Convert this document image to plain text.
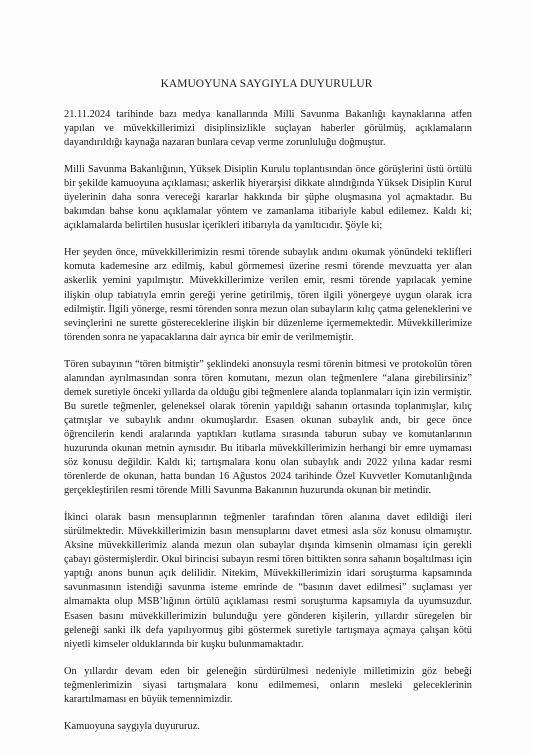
KAMUOYUNA SAYGIYLA DUYURULUR

21.11.2024 tarihinde bazı medya kanallarında Milli Savunma Bakanlığı kaynaklarına atfen yapılan ve müvekkillerimizi disiplinsizlikle suçlayan haberler görülmüş, açıklamaların dayandırıldığı kaynağa nazaran bunlara cevap verme zorunluluğu doğmuştur.

Milli Savunma Bakanlığının, Yüksek Disiplin Kurulu toplantısından önce görüşlerini üstü örtülü bir şekilde kamuoyuna açıklaması; askerlik hiyerarşisi dikkate alındığında Yüksek Disiplin Kurul üyelerinin daha sonra vereceği kararlar hakkında bir şüphe oluşmasına yol açmaktadır. Bu bakımdan bahse konu açıklamalar yöntem ve zamanlama itibariyle kabul edilemez. Kaldı ki; açıklamalarda belirtilen hususlar içerikleri itibarıyla da yanıltıcıdır. Şöyle ki;

Her şeyden önce, müvekkillerimizin resmi törende subaylık andını okumak yönündeki teklifleri komuta kademesine arz edilmiş, kabul görmemesi üzerine resmi törende mevzuatta yer alan askerlik yemini yapılmıştır. Müvekkillerimize verilen emir, resmi törende yapılacak yemine ilişkin olup tabiatıyla emrin gereği yerine getirilmiş, tören ilgili yönergeye uygun olarak icra edilmiştir. İlgili yönerge, resmi törenden sonra mezun olan subayların kılıç çatma geleneklerini ve sevinçlerini ne surette göstereceklerine ilişkin bir düzenleme içermemektedir. Müvekkillerimize törenden sonra ne yapacaklarına dair ayrıca bir emir de verilmemiştir.

Tören subayının “tören bitmiştir” şeklindeki anonsuyla resmi törenin bitmesi ve protokolün tören alanından ayrılmasından sonra tören komutanı, mezun olan teğmenlere “alana girebilirsiniz” demek suretiyle önceki yıllarda da olduğu gibi teğmenlere alanda toplanmaları için izin vermiştir. Bu suretle teğmenler, geleneksel olarak törenin yapıldığı sahanın ortasında toplanmışlar, kılıç çatmışlar ve subaylık andını okumuşlardır. Esasen okunan subaylık andı, bir gece önce öğrencilerin kendi aralarında yaptıkları kutlama sırasında taburun subay ve komutanlarının huzurunda okunan metnin aynısıdır. Bu itibarla müvekkillerimizin herhangi bir emre uymaması söz konusu değildir. Kaldı ki; tartışmalara konu olan subaylık andı 2022 yılına kadar resmi törenlerde de okunan, hatta bundan 16 Ağustos 2024 tarihinde Özel Kuvvetler Komutanlığında gerçekleştirilen resmi törende Milli Savunma Bakanının huzurunda okunan bir metindir.

İkinci olarak basın mensuplarının teğmenler tarafından tören alanına davet edildiği ileri sürülmektedir. Müvekkillerimizin basın mensuplarını davet etmesi asla söz konusu olmamıştır. Aksine müvekkillerimiz alanda mezun olan subaylar dışında kimsenin olmaması için gerekli çabayı göstermişlerdir. Okul birincisi subayın resmi tören bittikten sonra sahanın boşaltılması için yaptığı anons bunun açık delilidir. Nitekim, Müvekkillerimizin idari soruşturma kapsamında savunmasının istendiği savunma isteme emrinde de “basının davet edilmesi” suçlaması yer almamakta olup MSB’lığının örtülü açıklaması resmi soruşturma kapsamıyla da uyumsuzdur. Esasen basını müvekkillerimizin bulunduğu yere gönderen kişilerin, yıllardır süregelen bir geleneği sanki ilk defa yapılıyormuş gibi göstermek suretiyle tartışmaya açmaya çalışan kötü niyetli kimseler olduklarında bir kuşku bulunmamaktadır.

On yıllardır devam eden bir geleneğin sürdürülmesi nedeniyle milletimizin göz bebeği teğmenlerimizin siyasi tartışmalara konu edilmemesi, onların mesleki geleceklerinin karartılmaması en büyük temennimizdir.

Kamuoyuna saygıyla duyururuz.
